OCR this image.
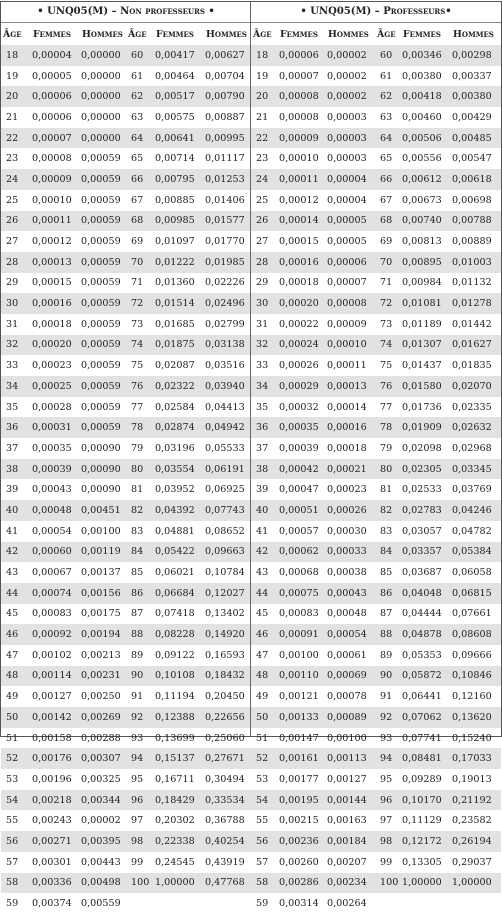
• UNQ05(M) – Non professeurs •					
Âge	Femmes	Hommes	Âge	Femmes	Hommes
18	0,00004	0,00000	60	0,00417	0,00627
19	0,00005	0,00000	61	0,00464	0,00704
20	0,00006	0,00000	62	0,00517	0,00790
21	0,00006	0,00000	63	0,00575	0,00887
22	0,00007	0,00000	64	0,00641	0,00995
23	0,00008	0,00059	65	0,00714	0,01117
24	0,00009	0,00059	66	0,00795	0,01253
25	0,00010	0,00059	67	0,00885	0,01406
26	0,00011	0,00059	68	0,00985	0,01577
27	0,00012	0,00059	69	0,01097	0,01770
28	0,00013	0,00059	70	0,01222	0,01985
29	0,00015	0,00059	71	0,01360	0,02226
30	0,00016	0,00059	72	0,01514	0,02496
31	0,00018	0,00059	73	0,01685	0,02799
32	0,00020	0,00059	74	0,01875	0,03138
33	0,00023	0,00059	75	0,02087	0,03516
34	0,00025	0,00059	76	0,02322	0,03940
35	0,00028	0,00059	77	0,02584	0,04413
36	0,00031	0,00059	78	0,02874	0,04942
37	0,00035	0,00090	79	0,03196	0,05533
38	0,00039	0,00090	80	0,03554	0,06191
39	0,00043	0,00090	81	0,03952	0,06925
40	0,00048	0,00451	82	0,04392	0,07743
41	0,00054	0,00100	83	0,04881	0,08652
42	0,00060	0,00119	84	0,05422	0,09663
43	0,00067	0,00137	85	0,06021	0,10784
44	0,00074	0,00156	86	0,06684	0,12027
45	0,00083	0,00175	87	0,07418	0,13402
46	0,00092	0,00194	88	0,08228	0,14920
47	0,00102	0,00213	89	0,09122	0,16593
48	0,00114	0,00231	90	0,10108	0,18432
49	0,00127	0,00250	91	0,11194	0,20450
50	0,00142	0,00269	92	0,12388	0,22656
51	0,00158	0,00288	93	0,13699	0,25060
52	0,00176	0,00307	94	0,15137	0,27671
53	0,00196	0,00325	95	0,16711	0,30494
54	0,00218	0,00344	96	0,18429	0,33534
55	0,00243	0,00002	97	0,20302	0,36788
56	0,00271	0,00395	98	0,22338	0,40254
57	0,00301	0,00443	99	0,24545	0,43919
58	0,00336	0,00498	100	1,00000	0,47768
59	0,00374	0,00559			
• UNQ05(M) – Professeurs•					
Âge	Femmes	Hommes	Âge	Femmes	Hommes
18	0,00006	0,00002	60	0,00346	0,00298
19	0,00007	0,00002	61	0,00380	0,00337
20	0,00008	0,00002	62	0,00418	0,00380
21	0,00008	0,00003	63	0,00460	0,00429
22	0,00009	0,00003	64	0,00506	0,00485
23	0,00010	0,00003	65	0,00556	0,00547
24	0,00011	0,00004	66	0,00612	0,00618
25	0,00012	0,00004	67	0,00673	0,00698
26	0,00014	0,00005	68	0,00740	0,00788
27	0,00015	0,00005	69	0,00813	0,00889
28	0,00016	0,00006	70	0,00895	0,01003
29	0,00018	0,00007	71	0,00984	0,01132
30	0,00020	0,00008	72	0,01081	0,01278
31	0,00022	0,00009	73	0,01189	0,01442
32	0,00024	0,00010	74	0,01307	0,01627
33	0,00026	0,00011	75	0,01437	0,01835
34	0,00029	0,00013	76	0,01580	0,02070
35	0,00032	0,00014	77	0,01736	0,02335
36	0,00035	0,00016	78	0,01909	0,02632
37	0,00039	0,00018	79	0,02098	0,02968
38	0,00042	0,00021	80	0,02305	0,03345
39	0,00047	0,00023	81	0,02533	0,03769
40	0,00051	0,00026	82	0,02783	0,04246
41	0,00057	0,00030	83	0,03057	0,04782
42	0,00062	0,00033	84	0,03357	0,05384
43	0,00068	0,00038	85	0,03687	0,06058
44	0,00075	0,00043	86	0,04048	0,06815
45	0,00083	0,00048	87	0,04444	0,07661
46	0,00091	0,00054	88	0,04878	0,08608
47	0,00100	0,00061	89	0,05353	0,09666
48	0,00110	0,00069	90	0,05872	0,10846
49	0,00121	0,00078	91	0,06441	0,12160
50	0,00133	0,00089	92	0,07062	0,13620
51	0,00147	0,00100	93	0,07741	0,15240
52	0,00161	0,00113	94	0,08481	0,17033
53	0,00177	0,00127	95	0,09289	0,19013
54	0,00195	0,00144	96	0,10170	0,21192
55	0,00215	0,00163	97	0,11129	0,23582
56	0,00236	0,00184	98	0,12172	0,26194
57	0,00260	0,00207	99	0,13305	0,29037
58	0,00286	0,00234	100	1,00000	1,00000
59	0,00314	0,00264			
